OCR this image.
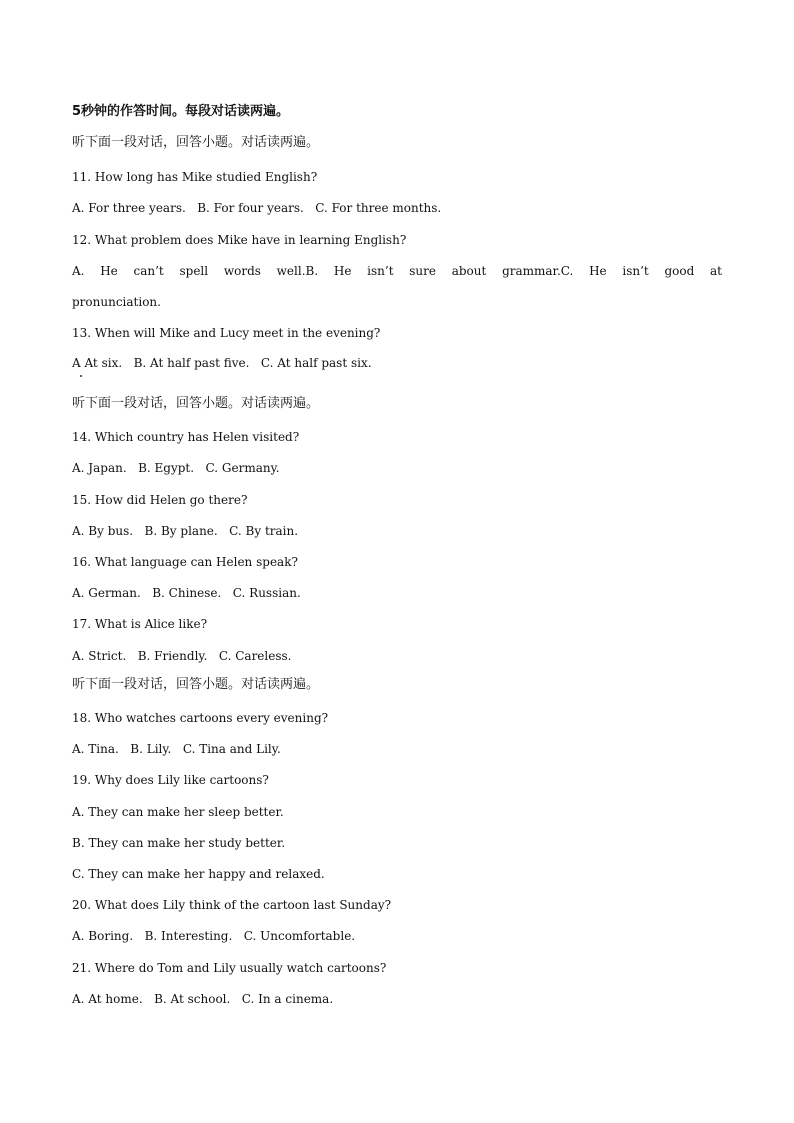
5秒钟的作答时间。每段对话读两遍。
听下面一段对话，回答小题。对话读两遍。
11. How long has Mike studied English?
A. For three years.   B. For four years.   C. For three months.
12. What problem does Mike have in learning English?
A. He can’t spell words well.B. He isn’t sure about grammar.C. He isn’t good at
pronunciation.
13. When will Mike and Lucy meet in the evening?
A At six.   B. At half past five.   C. At half past six.
听下面一段对话，回答小题。对话读两遍。
14. Which country has Helen visited?
A. Japan.   B. Egypt.   C. Germany.
15. How did Helen go there?
A. By bus.   B. By plane.   C. By train.
16. What language can Helen speak?
A. German.   B. Chinese.   C. Russian.
17. What is Alice like?
A. Strict.   B. Friendly.   C. Careless.
听下面一段对话，回答小题。对话读两遍。
18. Who watches cartoons every evening?
A. Tina.   B. Lily.   C. Tina and Lily.
19. Why does Lily like cartoons?
A. They can make her sleep better.
B. They can make her study better.
C. They can make her happy and relaxed.
20. What does Lily think of the cartoon last Sunday?
A. Boring.   B. Interesting.   C. Uncomfortable.
21. Where do Tom and Lily usually watch cartoons?
A. At home.   B. At school.   C. In a cinema.
